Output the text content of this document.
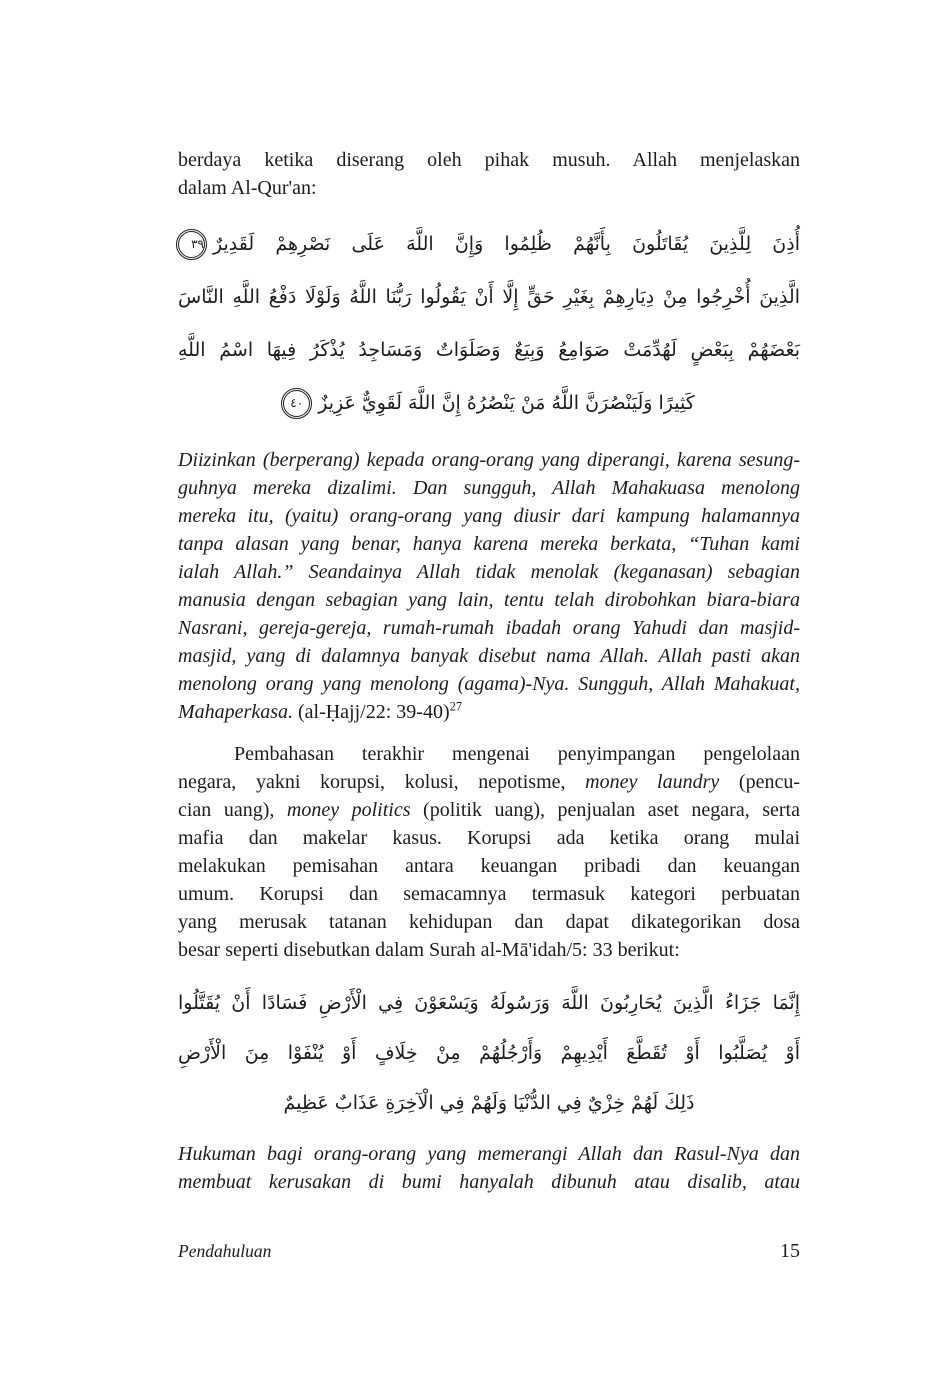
berdaya ketika diserang oleh pihak musuh. Allah menjelaskan
dalam Al-Qur'an:
أُذِنَ لِلَّذِينَ يُقَاتَلُونَ بِأَنَّهُمْ ظُلِمُوا وَإِنَّ اللَّهَ عَلَى نَصْرِهِمْ لَقَدِيرٌ٣٩
الَّذِينَ أُخْرِجُوا مِنْ دِيَارِهِمْ بِغَيْرِ حَقٍّ إِلَّا أَنْ يَقُولُوا رَبُّنَا اللَّهُ وَلَوْلَا دَفْعُ اللَّهِ النَّاسَ
بَعْضَهُمْ بِبَعْضٍ لَهُدِّمَتْ صَوَامِعُ وَبِيَعٌ وَصَلَوَاتٌ وَمَسَاجِدُ يُذْكَرُ فِيهَا اسْمُ اللَّهِ
كَثِيرًا وَلَيَنْصُرَنَّ اللَّهُ مَنْ يَنْصُرُهُ إِنَّ اللَّهَ لَقَوِيٌّ عَزِيزٌ٤٠
Diizinkan (berperang) kepada orang-orang yang diperangi, karena sesung-
guhnya mereka dizalimi. Dan sungguh, Allah Mahakuasa menolong
mereka itu, (yaitu) orang-orang yang diusir dari kampung halamannya
tanpa alasan yang benar, hanya karena mereka berkata, “Tuhan kami
ialah Allah.” Seandainya Allah tidak menolak (keganasan) sebagian
manusia dengan sebagian yang lain, tentu telah dirobohkan biara-biara
Nasrani, gereja-gereja, rumah-rumah ibadah orang Yahudi dan masjid-
masjid, yang di dalamnya banyak disebut nama Allah. Allah pasti akan
menolong orang yang menolong (agama)-Nya. Sungguh, Allah Mahakuat,
Mahaperkasa. (al-Ḥajj/22: 39-40)$^{27}$
Pembahasan terakhir mengenai penyimpangan pengelolaan
negara, yakni korupsi, kolusi, nepotisme, money laundry (pencu-
cian uang), money politics (politik uang), penjualan aset negara, serta
mafia dan makelar kasus. Korupsi ada ketika orang mulai
melakukan pemisahan antara keuangan pribadi dan keuangan
umum. Korupsi dan semacamnya termasuk kategori perbuatan
yang merusak tatanan kehidupan dan dapat dikategorikan dosa
besar seperti disebutkan dalam Surah al-Mā'idah/5: 33 berikut:
إِنَّمَا جَزَاءُ الَّذِينَ يُحَارِبُونَ اللَّهَ وَرَسُولَهُ وَيَسْعَوْنَ فِي الْأَرْضِ فَسَادًا أَنْ يُقَتَّلُوا
أَوْ يُصَلَّبُوا أَوْ تُقَطَّعَ أَيْدِيهِمْ وَأَرْجُلُهُمْ مِنْ خِلَافٍ أَوْ يُنْفَوْا مِنَ الْأَرْضِ
ذَلِكَ لَهُمْ خِزْيٌ فِي الدُّنْيَا وَلَهُمْ فِي الْآخِرَةِ عَذَابٌ عَظِيمٌ
Hukuman bagi orang-orang yang memerangi Allah dan Rasul-Nya dan
membuat kerusakan di bumi hanyalah dibunuh atau disalib, atau
Pendahuluan	15
